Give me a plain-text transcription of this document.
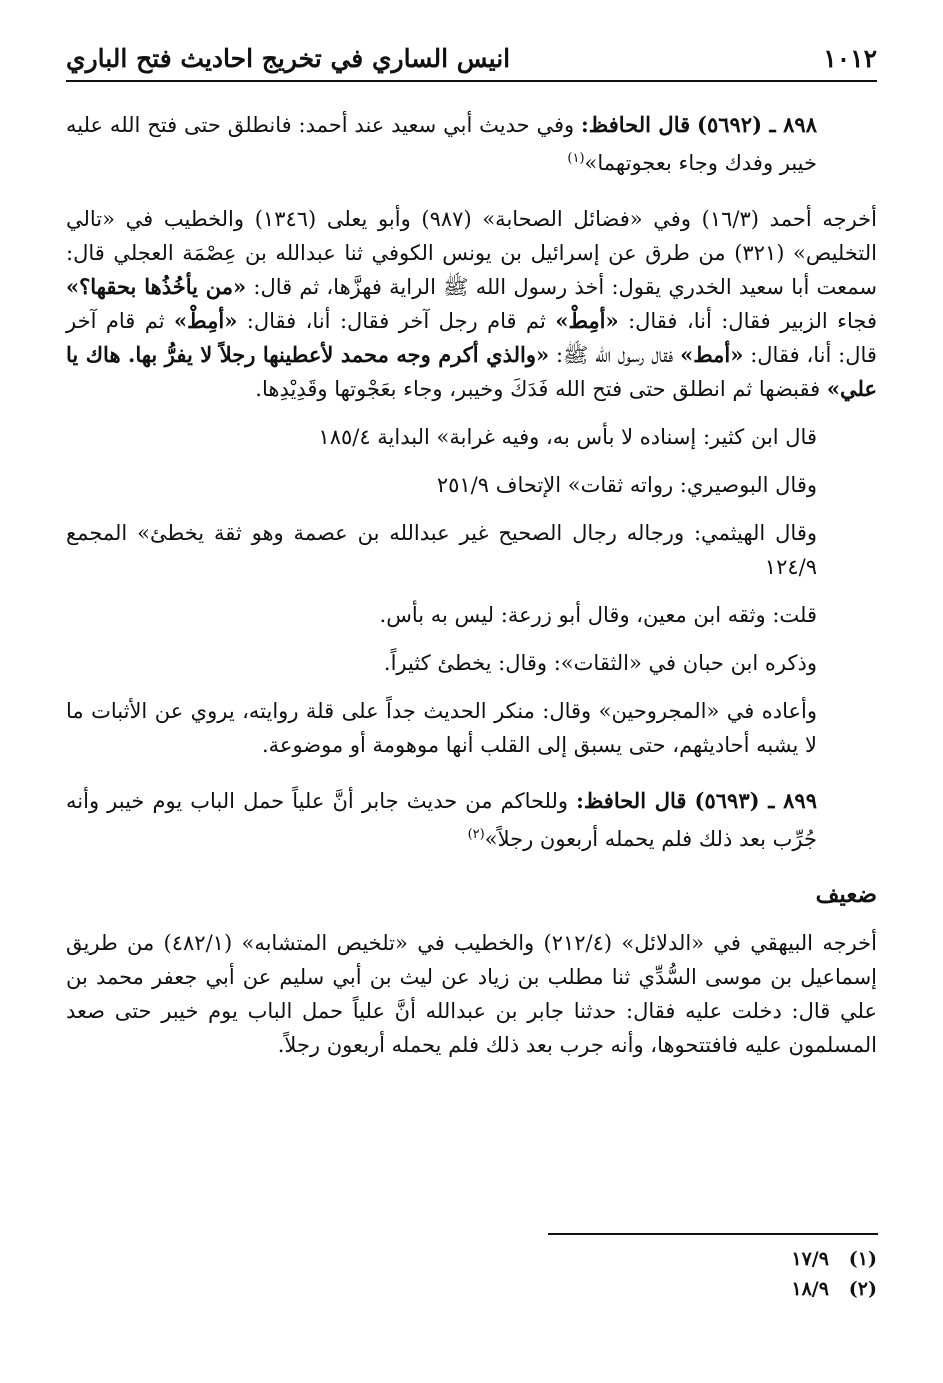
١٠١٢
انيس الساري في تخريج احاديث فتح الباري

٨٩٨ ـ (٥٦٩٢) قال الحافظ: وفي حديث أبي سعيد عند أحمد: فانطلق حتى فتح الله عليه خيبر وفدك وجاء بعجوتهما»$^{(١)}$

أخرجه أحمد (١٦/٣) وفي «فضائل الصحابة» (٩٨٧) وأبو يعلى (١٣٤٦) والخطيب في «تالي التخليص» (٣٢١) من طرق عن إسرائيل بن يونس الكوفي ثنا عبدالله بن عِصْمَة العجلي قال: سمعت أبا سعيد الخدري يقول: أخذ رسول الله ﷺ الراية فهزَّها، ثم قال: «من يأخُذُها بحقها؟» فجاء الزبير فقال: أنا، فقال: «أمِطْ» ثم قام رجل آخر فقال: أنا، فقال: «أمِطْ» ثم قام آخر قال: أنا، فقال: «أمط» فقال رسول الله ﷺ: «والذي أكرم وجه محمد لأعطينها رجلاً لا يفرُّ بها. هاك يا علي» فقبضها ثم انطلق حتى فتح الله فَدَكَ وخيبر، وجاء بعَجْوتها وقَدِيْدِها.

قال ابن كثير: إسناده لا بأس به، وفيه غرابة» البداية ١٨٥/٤

وقال البوصيري: رواته ثقات» الإتحاف ٢٥١/٩

وقال الهيثمي: ورجاله رجال الصحيح غير عبدالله بن عصمة وهو ثقة يخطئ» المجمع ١٢٤/٩

قلت: وثقه ابن معين، وقال أبو زرعة: ليس به بأس.

وذكره ابن حبان في «الثقات»: وقال: يخطئ كثيراً.

وأعاده في «المجروحين» وقال: منكر الحديث جداً على قلة روايته، يروي عن الأثبات ما لا يشبه أحاديثهم، حتى يسبق إلى القلب أنها موهومة أو موضوعة.

٨٩٩ ـ (٥٦٩٣) قال الحافظ: وللحاكم من حديث جابر أنَّ علياً حمل الباب يوم خيبر وأنه جُرِّب بعد ذلك فلم يحمله أربعون رجلاً»$^{(٢)}$

ضعيف

أخرجه البيهقي في «الدلائل» (٢١٢/٤) والخطيب في «تلخيص المتشابه» (٤٨٢/١) من طريق إسماعيل بن موسى السُّدِّي ثنا مطلب بن زياد عن ليث بن أبي سليم عن أبي جعفر محمد بن علي قال: دخلت عليه فقال: حدثنا جابر بن عبدالله أنَّ علياً حمل الباب يوم خيبر حتى صعد المسلمون عليه فافتتحوها، وأنه جرب بعد ذلك فلم يحمله أربعون رجلاً.

(١)   ١٧/٩
(٢)   ١٨/٩
